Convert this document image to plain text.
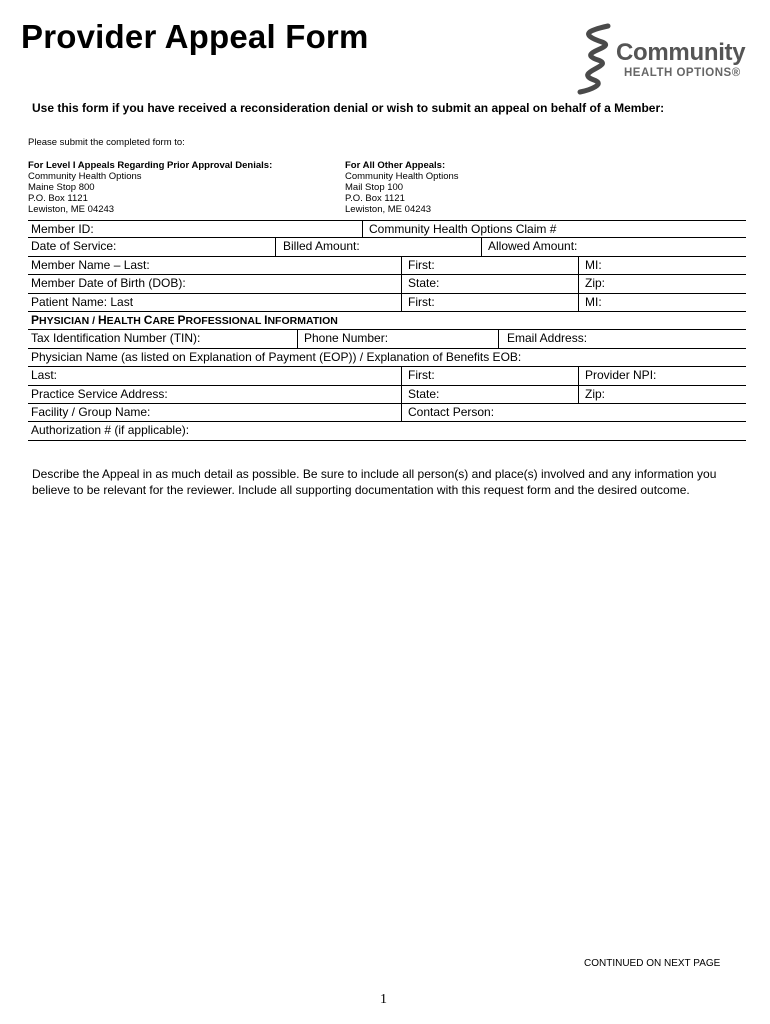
Provider Appeal Form	Community
HEALTH OPTIONS®
Use this form if you have received a reconsideration denial or wish to submit an appeal on behalf of a Member:
Please submit the completed form to:
For Level I Appeals Regarding Prior Approval Denials:
Community Health Options
Maine Stop 800
P.O. Box 1121
Lewiston, ME 04243
For All Other Appeals:
Community Health Options
Mail Stop 100
P.O. Box 1121
Lewiston, ME 04243
Member ID:	Community Health Options Claim #
Date of Service:	Billed Amount:	Allowed Amount:
Member Name – Last:	First:	MI:
Member Date of Birth (DOB):	State:	Zip:
Patient Name: Last	First:	MI:
PHYSICIAN / HEALTH CARE PROFESSIONAL INFORMATION
Tax Identification Number (TIN):	Phone Number:	Email Address:
Physician Name (as listed on Explanation of Payment (EOP)) / Explanation of Benefits EOB:
Last:	First:	Provider NPI:
Practice Service Address:	State:	Zip:
Facility / Group Name:	Contact Person:
Authorization # (if applicable):
Describe the Appeal in as much detail as possible. Be sure to include all person(s) and place(s) involved and any information you believe to be relevant for the reviewer. Include all supporting documentation with this request form and the desired outcome.
CONTINUED ON NEXT PAGE
1
